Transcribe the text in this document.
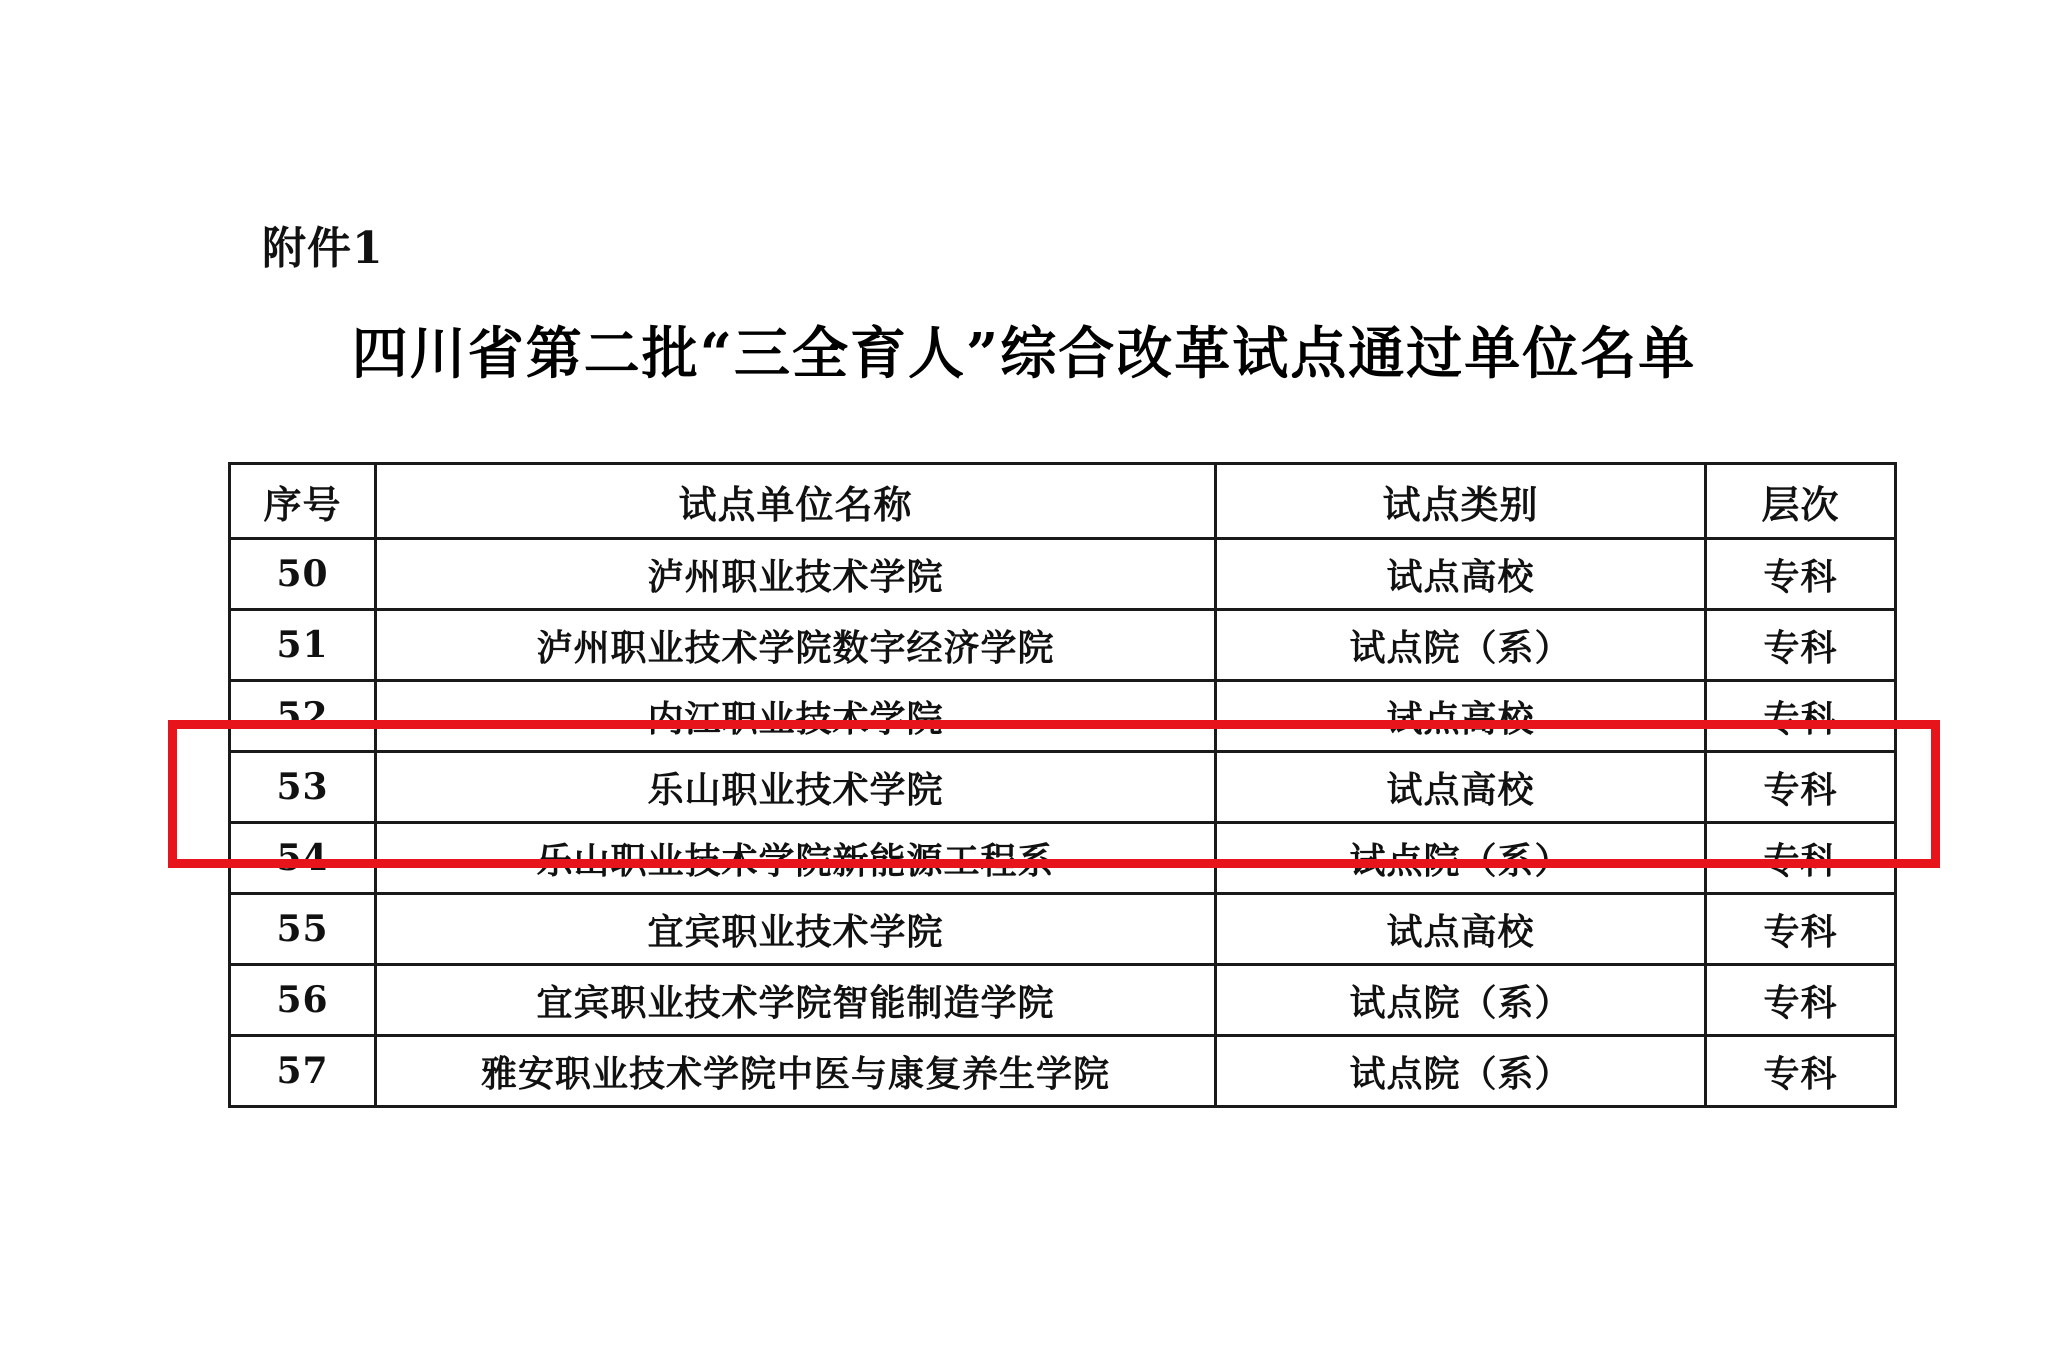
附件1
四川省第二批“三全育人”综合改革试点通过单位名单
序号	试点单位名称	试点类别	层次
50	泸州职业技术学院	试点高校	专科
51	泸州职业技术学院数字经济学院	试点院（系）	专科
52	内江职业技术学院	试点高校	专科
53	乐山职业技术学院	试点高校	专科
54	乐山职业技术学院新能源工程系	试点院（系）	专科
55	宜宾职业技术学院	试点高校	专科
56	宜宾职业技术学院智能制造学院	试点院（系）	专科
57	雅安职业技术学院中医与康复养生学院	试点院（系）	专科
